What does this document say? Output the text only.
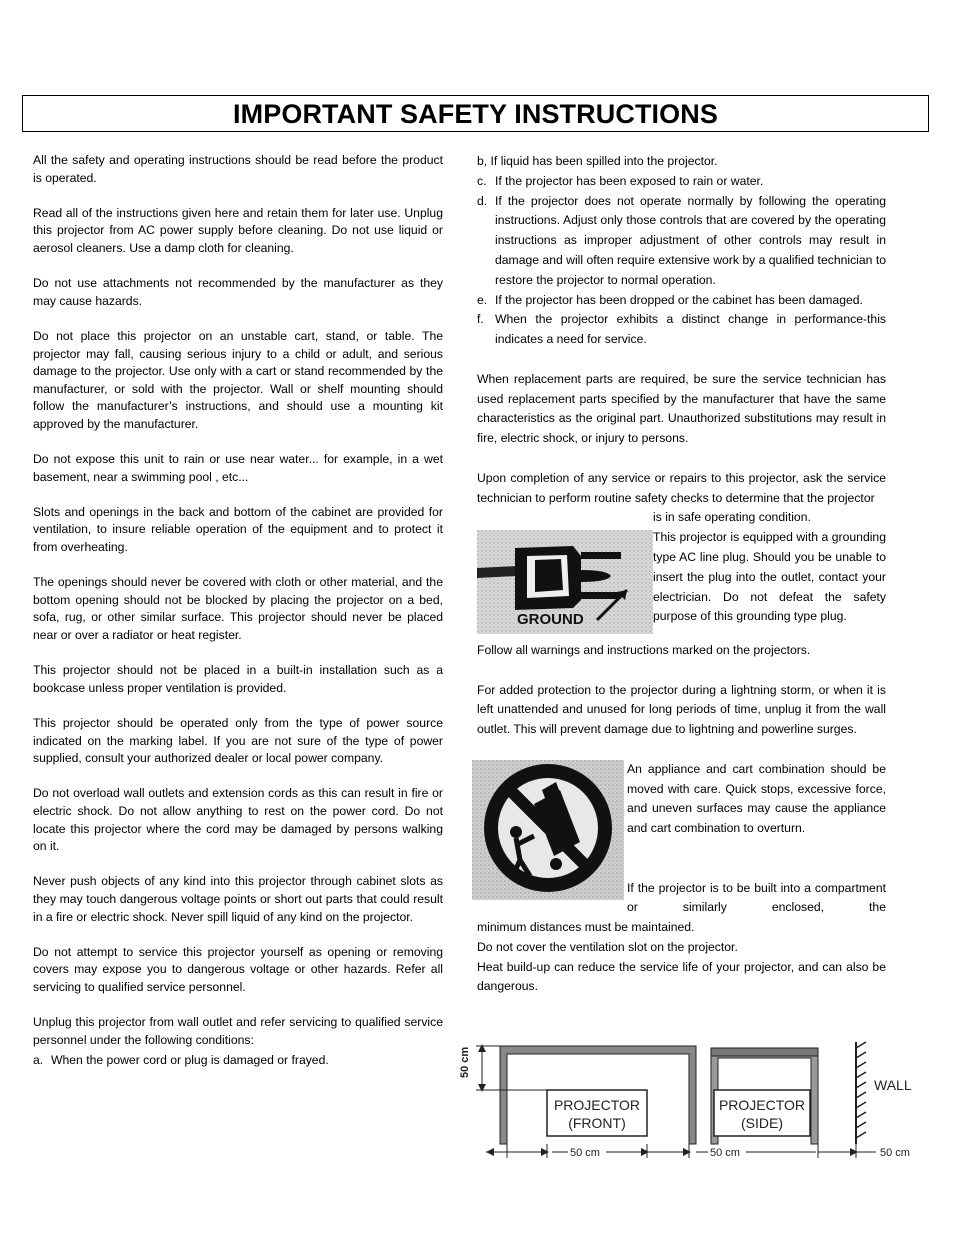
IMPORTANT SAFETY INSTRUCTIONS

All the safety and operating instructions should be read before the product is operated.

Read all of the instructions given here and retain them for later use. Unplug this projector from AC power supply before cleaning. Do not use liquid or aerosol cleaners. Use a damp cloth for cleaning.

Do not use attachments not recommended by the manufacturer as they may cause hazards.

Do not place this projector on an unstable cart, stand, or table. The projector may fall, causing serious injury to a child or adult, and serious damage to the projector. Use only with a cart or stand recommended by the manufacturer, or sold with the projector. Wall or shelf mounting should follow the manufacturer’s instructions, and should use a mounting kit approved by the manufacturer.

Do not expose this unit to rain or use near water... for example, in a wet basement, near a swimming pool , etc...

Slots and openings in the back and bottom of the cabinet are provided for ventilation, to insure reliable operation of the equipment and to protect it from overheating.

The openings should never be covered with cloth or other material, and the bottom opening should not be blocked by placing the projector on a bed, sofa, rug, or other similar surface. This projector should never be placed near or over a radiator or heat register.

This projector should not be placed in a built-in installation such as a bookcase unless proper ventilation is provided.

This projector should be operated only from the type of power source indicated on the marking label. If you are not sure of the type of power supplied, consult your authorized dealer or local power company.

Do not overload wall outlets and extension cords as this can result in fire or electric shock. Do not allow anything to rest on the power cord. Do not locate this projector where the cord may be damaged by persons walking on it.

Never push objects of any kind into this projector through cabinet slots as they may touch dangerous voltage points or short out parts that could result in a fire or electric shock. Never spill liquid of any kind on the projector.

Do not attempt to service this projector yourself as opening or removing covers may expose you to dangerous voltage or other hazards. Refer all servicing to qualified service personnel.

Unplug this projector from wall outlet and refer servicing to qualified service personnel under the following conditions:

a. When the power cord or plug is damaged or frayed.

b, If liquid has been spilled into the projector.

c. If the projector has been exposed to rain or water.
d. If the projector does not operate normally by following the operating instructions. Adjust only those controls that are covered by the operating instructions as improper adjustment of other controls may result in damage and will often require extensive work by a qualified technician to restore the projector to normal operation.
e. If the projector has been dropped or the cabinet has been damaged.
f. When the projector exhibits a distinct change in performance-this indicates a need for service.

When replacement parts are required, be sure the service technician has used replacement parts specified by the manufacturer that have the same characteristics as the original part. Unauthorized substitutions may result in fire, electric shock, or injury to persons.

Upon completion of any service or repairs to this projector, ask the service technician to perform routine safety checks to determine that the projector

is in safe operating condition.

GROUND
This projector is equipped with a grounding type AC line plug. Should you be unable to insert the plug into the outlet, contact your electrician. Do not defeat the safety purpose of this grounding type plug.

Follow all warnings and instructions marked on the projectors.

For added protection to the projector during a lightning storm, or when it is left unattended and unused for long periods of time, unplug it from the wall outlet. This will prevent damage due to lightning and powerline surges.

An appliance and cart combination should be moved with care. Quick stops, excessive force, and uneven surfaces may cause the appliance and cart combination to overturn.

If the projector is to be built into a compartment or similarly enclosed, the

minimum distances must be maintained.

Do not cover the ventilation slot on the projector.

Heat build-up can reduce the service life of your projector, and can also be dangerous.

PROJECTOR
(FRONT)
50 cm
50 cm	50 cm
PROJECTOR
(SIDE)
WALL
50 cm
